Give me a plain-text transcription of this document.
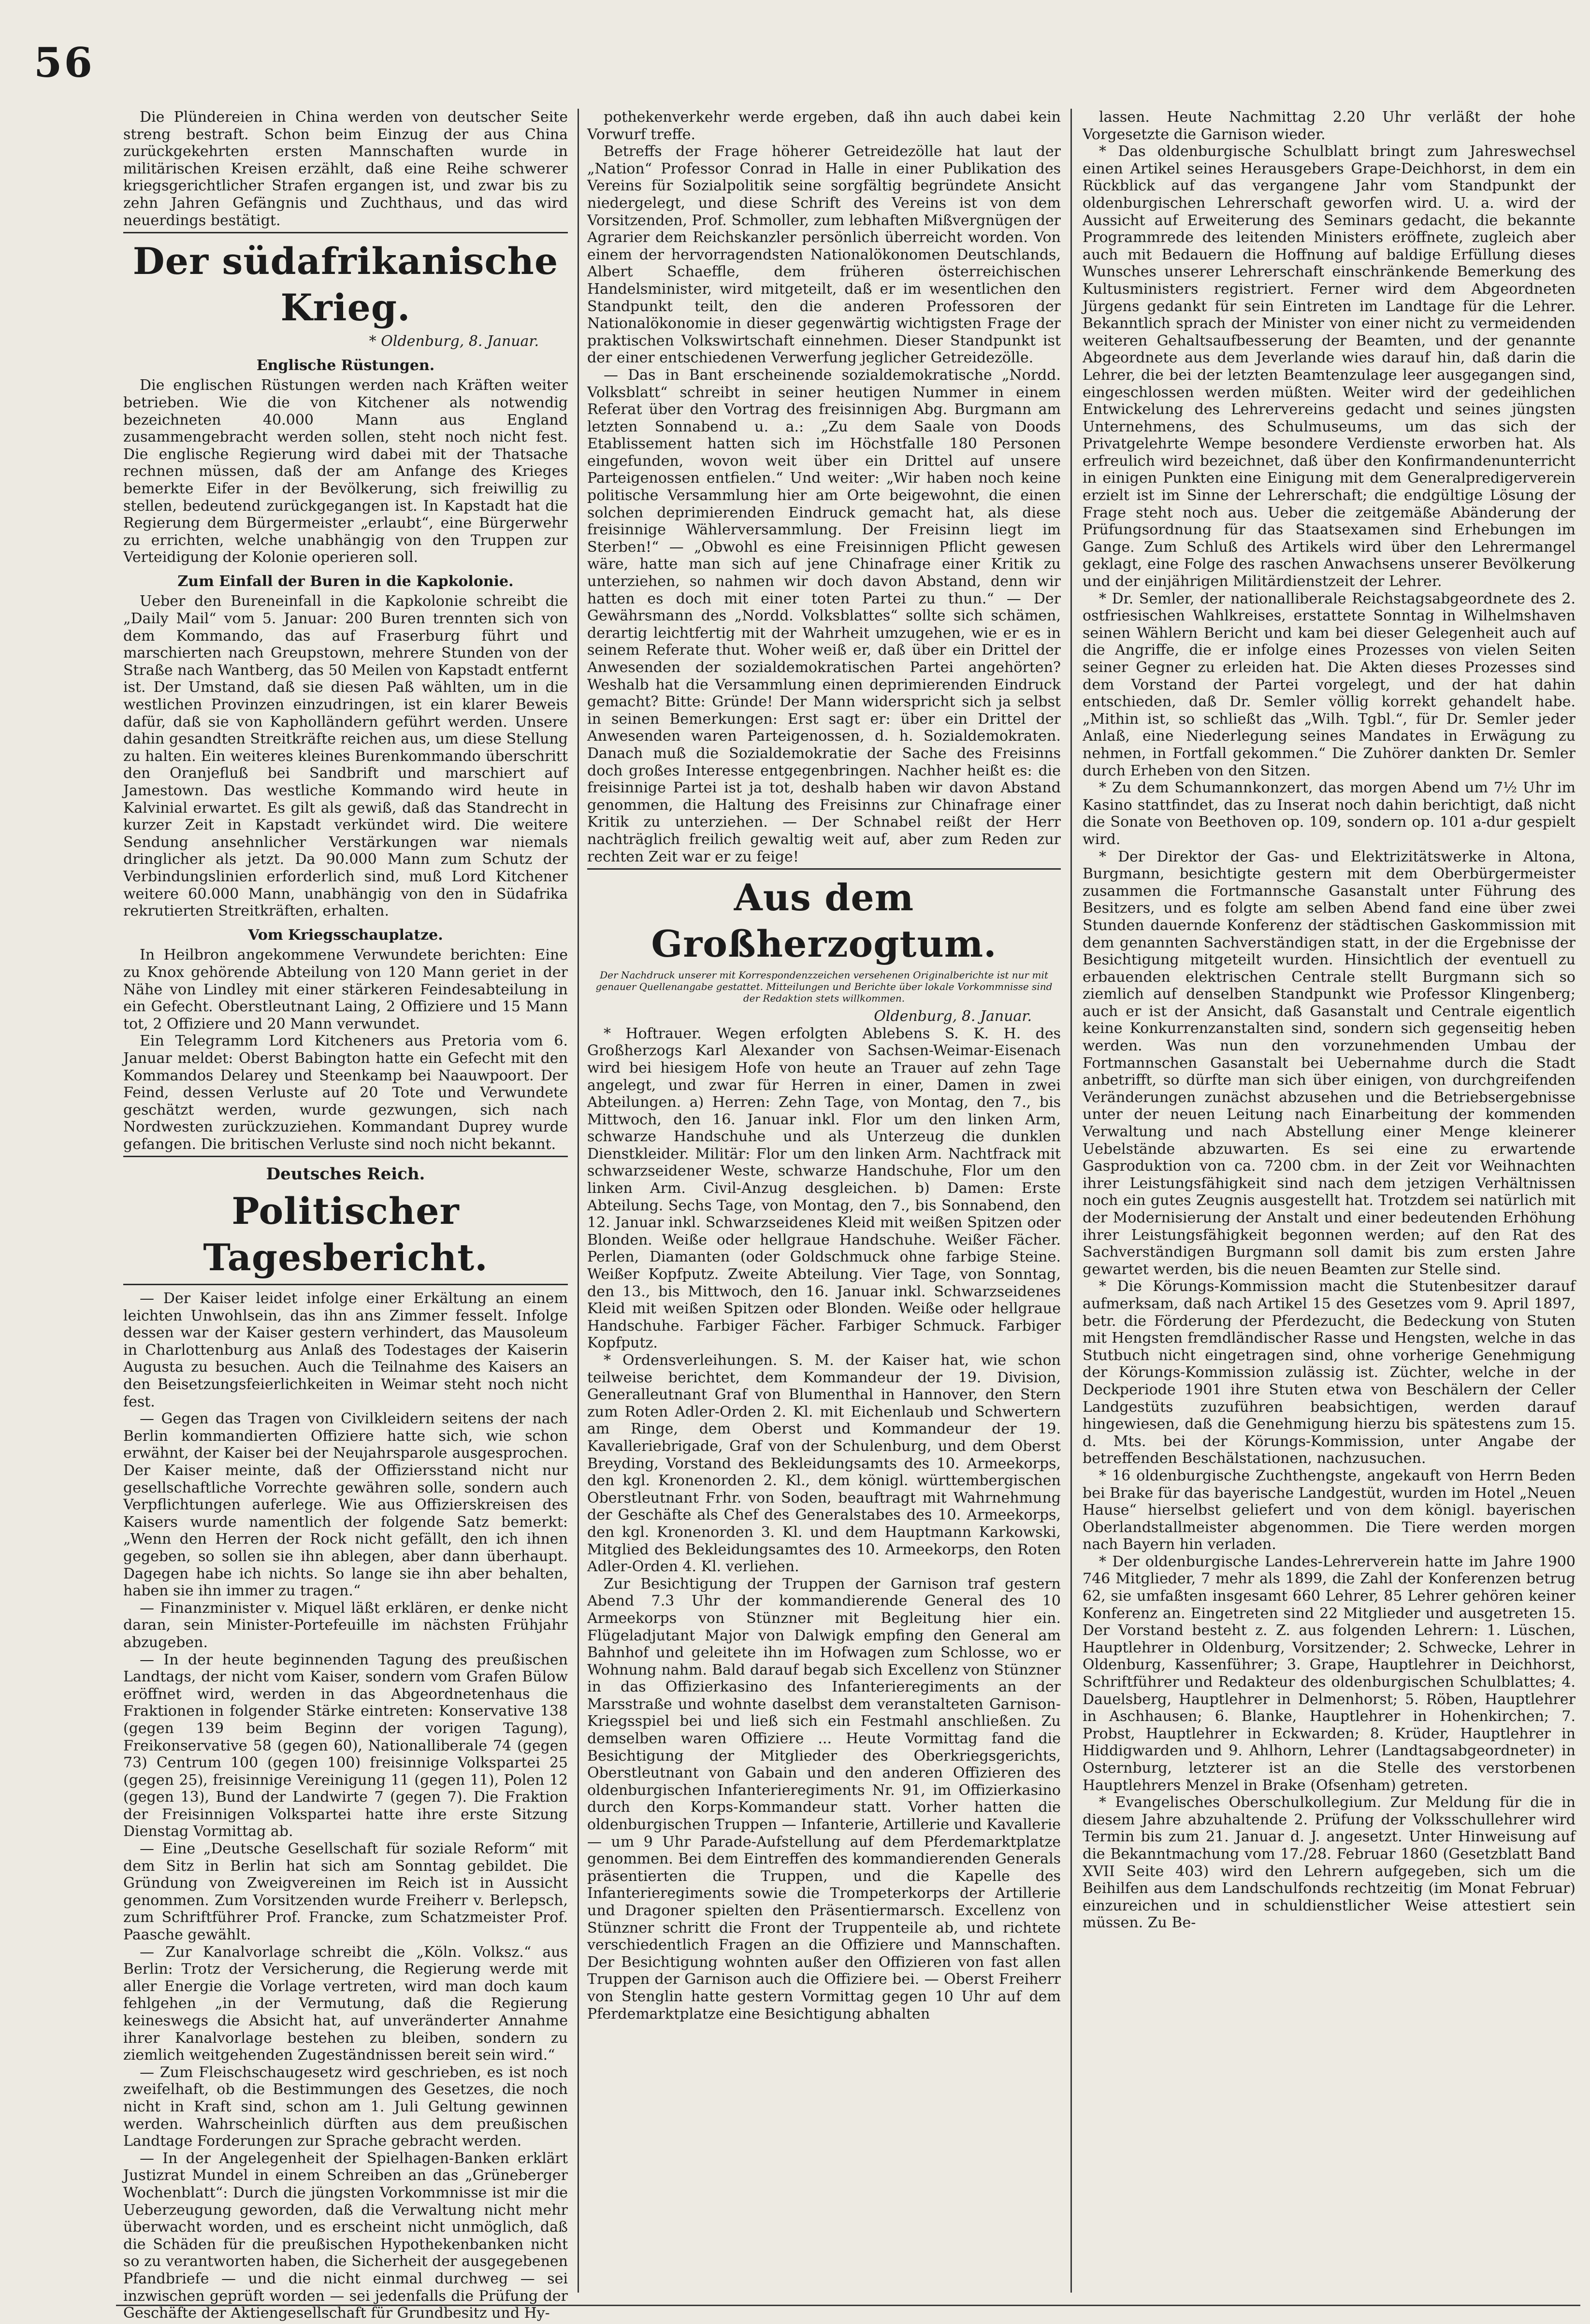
56

Die Plündereien in China werden von deutscher Seite streng bestraft. Schon beim Einzug der aus China zurückgekehrten ersten Mannschaften wurde in militärischen Kreisen erzählt, daß eine Reihe schwerer kriegsgerichtlicher Strafen ergangen ist, und zwar bis zu zehn Jahren Gefängnis und Zuchthaus, und das wird neuerdings bestätigt.

Der südafrikanische Krieg.

* Oldenburg, 8. Januar.

Englische Rüstungen.

Die englischen Rüstungen werden nach Kräften weiter betrieben. Wie die von Kitchener als notwendig bezeichneten 40.000 Mann aus England zusammengebracht werden sollen, steht noch nicht fest. Die englische Regierung wird dabei mit der Thatsache rechnen müssen, daß der am Anfange des Krieges bemerkte Eifer in der Bevölkerung, sich freiwillig zu stellen, bedeutend zurückgegangen ist. In Kapstadt hat die Regierung dem Bürgermeister „erlaubt“, eine Bürgerwehr zu errichten, welche unabhängig von den Truppen zur Verteidigung der Kolonie operieren soll.

Zum Einfall der Buren in die Kapkolonie.

Ueber den Bureneinfall in die Kapkolonie schreibt die „Daily Mail“ vom 5. Januar: 200 Buren trennten sich von dem Kommando, das auf Fraserburg führt und marschierten nach Greupstown, mehrere Stunden von der Straße nach Wantberg, das 50 Meilen von Kapstadt entfernt ist. Der Umstand, daß sie diesen Paß wählten, um in die westlichen Provinzen einzudringen, ist ein klarer Beweis dafür, daß sie von Kapholländern geführt werden. Unsere dahin gesandten Streitkräfte reichen aus, um diese Stellung zu halten. Ein weiteres kleines Burenkommando überschritt den Oranjefluß bei Sandbrift und marschiert auf Jamestown. Das westliche Kommando wird heute in Kalvinial erwartet. Es gilt als gewiß, daß das Standrecht in kurzer Zeit in Kapstadt verkündet wird. Die weitere Sendung ansehnlicher Verstärkungen war niemals dringlicher als jetzt. Da 90.000 Mann zum Schutz der Verbindungslinien erforderlich sind, muß Lord Kitchener weitere 60.000 Mann, unabhängig von den in Südafrika rekrutierten Streitkräften, erhalten.

Vom Kriegsschauplatze.

In Heilbron angekommene Verwundete berichten: Eine zu Knox gehörende Abteilung von 120 Mann geriet in der Nähe von Lindley mit einer stärkeren Feindesabteilung in ein Gefecht. Oberstleutnant Laing, 2 Offiziere und 15 Mann tot, 2 Offiziere und 20 Mann verwundet.

Ein Telegramm Lord Kitcheners aus Pretoria vom 6. Januar meldet: Oberst Babington hatte ein Gefecht mit den Kommandos Delarey und Steenkamp bei Naauwpoort. Der Feind, dessen Verluste auf 20 Tote und Verwundete geschätzt werden, wurde gezwungen, sich nach Nordwesten zurückzuziehen. Kommandant Duprey wurde gefangen. Die britischen Verluste sind noch nicht bekannt.

Deutsches Reich.

Politischer Tagesbericht.

— Der Kaiser leidet infolge einer Erkältung an einem leichten Unwohlsein, das ihn ans Zimmer fesselt. Infolge dessen war der Kaiser gestern verhindert, das Mausoleum in Charlottenburg aus Anlaß des Todestages der Kaiserin Augusta zu besuchen. Auch die Teilnahme des Kaisers an den Beisetzungsfeierlichkeiten in Weimar steht noch nicht fest.

— Gegen das Tragen von Civilkleidern seitens der nach Berlin kommandierten Offiziere hatte sich, wie schon erwähnt, der Kaiser bei der Neujahrsparole ausgesprochen. Der Kaiser meinte, daß der Offiziersstand nicht nur gesellschaftliche Vorrechte gewähren solle, sondern auch Verpflichtungen auferlege. Wie aus Offizierskreisen des Kaisers wurde namentlich der folgende Satz bemerkt: „Wenn den Herren der Rock nicht gefällt, den ich ihnen gegeben, so sollen sie ihn ablegen, aber dann überhaupt. Dagegen habe ich nichts. So lange sie ihn aber behalten, haben sie ihn immer zu tragen.“

— Finanzminister v. Miquel läßt erklären, er denke nicht daran, sein Minister-Portefeuille im nächsten Frühjahr abzugeben.

— In der heute beginnenden Tagung des preußischen Landtags, der nicht vom Kaiser, sondern vom Grafen Bülow eröffnet wird, werden in das Abgeordnetenhaus die Fraktionen in folgender Stärke eintreten: Konservative 138 (gegen 139 beim Beginn der vorigen Tagung), Freikonservative 58 (gegen 60), Nationalliberale 74 (gegen 73) Centrum 100 (gegen 100) freisinnige Volkspartei 25 (gegen 25), freisinnige Vereinigung 11 (gegen 11), Polen 12 (gegen 13), Bund der Landwirte 7 (gegen 7). Die Fraktion der Freisinnigen Volkspartei hatte ihre erste Sitzung Dienstag Vormittag ab.

— Eine „Deutsche Gesellschaft für soziale Reform“ mit dem Sitz in Berlin hat sich am Sonntag gebildet. Die Gründung von Zweigvereinen im Reich ist in Aussicht genommen. Zum Vorsitzenden wurde Freiherr v. Berlepsch, zum Schriftführer Prof. Francke, zum Schatzmeister Prof. Paasche gewählt.

— Zur Kanalvorlage schreibt die „Köln. Volksz.“ aus Berlin: Trotz der Versicherung, die Regierung werde mit aller Energie die Vorlage vertreten, wird man doch kaum fehlgehen „in der Vermutung, daß die Regierung keineswegs die Absicht hat, auf unveränderter Annahme ihrer Kanalvorlage bestehen zu bleiben, sondern zu ziemlich weitgehenden Zugeständnissen bereit sein wird.“

— Zum Fleischschaugesetz wird geschrieben, es ist noch zweifelhaft, ob die Bestimmungen des Gesetzes, die noch nicht in Kraft sind, schon am 1. Juli Geltung gewinnen werden. Wahrscheinlich dürften aus dem preußischen Landtage Forderungen zur Sprache gebracht werden.

— In der Angelegenheit der Spielhagen-Banken erklärt Justizrat Mundel in einem Schreiben an das „Grüneberger Wochenblatt“: Durch die jüngsten Vorkommnisse ist mir die Ueberzeugung geworden, daß die Verwaltung nicht mehr überwacht worden, und es erscheint nicht unmöglich, daß die Schäden für die preußischen Hypothekenbanken nicht so zu verantworten haben, die Sicherheit der ausgegebenen Pfandbriefe — und die nicht einmal durchweg — sei inzwischen geprüft worden — sei jedenfalls die Prüfung der Geschäfte der Aktiengesellschaft für Grundbesitz und Hy-

pothekenverkehr werde ergeben, daß ihn auch dabei kein Vorwurf treffe.

Betreffs der Frage höherer Getreidezölle hat laut der „Nation“ Professor Conrad in Halle in einer Publikation des Vereins für Sozialpolitik seine sorgfältig begründete Ansicht niedergelegt, und diese Schrift des Vereins ist von dem Vorsitzenden, Prof. Schmoller, zum lebhaften Mißvergnügen der Agrarier dem Reichskanzler persönlich überreicht worden. Von einem der hervorragendsten Nationalökonomen Deutschlands, Albert Schaeffle, dem früheren österreichischen Handelsminister, wird mitgeteilt, daß er im wesentlichen den Standpunkt teilt, den die anderen Professoren der Nationalökonomie in dieser gegenwärtig wichtigsten Frage der praktischen Volkswirtschaft einnehmen. Dieser Standpunkt ist der einer entschiedenen Verwerfung jeglicher Getreidezölle.

— Das in Bant erscheinende sozialdemokratische „Nordd. Volksblatt“ schreibt in seiner heutigen Nummer in einem Referat über den Vortrag des freisinnigen Abg. Burgmann am letzten Sonnabend u. a.: „Zu dem Saale von Doods Etablissement hatten sich im Höchstfalle 180 Personen eingefunden, wovon weit über ein Drittel auf unsere Parteigenossen entfielen.“ Und weiter: „Wir haben noch keine politische Versammlung hier am Orte beigewohnt, die einen solchen deprimierenden Eindruck gemacht hat, als diese freisinnige Wählerversammlung. Der Freisinn liegt im Sterben!“ — „Obwohl es eine Freisinnigen Pflicht gewesen wäre, hatte man sich auf jene Chinafrage einer Kritik zu unterziehen, so nahmen wir doch davon Abstand, denn wir hatten es doch mit einer toten Partei zu thun.“ — Der Gewährsmann des „Nordd. Volksblattes“ sollte sich schämen, derartig leichtfertig mit der Wahrheit umzugehen, wie er es in seinem Referate thut. Woher weiß er, daß über ein Drittel der Anwesenden der sozialdemokratischen Partei angehörten? Weshalb hat die Versammlung einen deprimierenden Eindruck gemacht? Bitte: Gründe! Der Mann widerspricht sich ja selbst in seinen Bemerkungen: Erst sagt er: über ein Drittel der Anwesenden waren Parteigenossen, d. h. Sozialdemokraten. Danach muß die Sozialdemokratie der Sache des Freisinns doch großes Interesse entgegenbringen. Nachher heißt es: die freisinnige Partei ist ja tot, deshalb haben wir davon Abstand genommen, die Haltung des Freisinns zur Chinafrage einer Kritik zu unterziehen. — Der Schnabel reißt der Herr nachträglich freilich gewaltig weit auf, aber zum Reden zur rechten Zeit war er zu feige!

Aus dem Großherzogtum.

Der Nachdruck unserer mit Korrespondenzzeichen versehenen Originalberichte ist nur mit genauer Quellenangabe gestattet. Mitteilungen und Berichte über lokale Vorkommnisse sind der Redaktion stets willkommen.

Oldenburg, 8. Januar.

* Hoftrauer. Wegen erfolgten Ablebens S. K. H. des Großherzogs Karl Alexander von Sachsen-Weimar-Eisenach wird bei hiesigem Hofe von heute an Trauer auf zehn Tage angelegt, und zwar für Herren in einer, Damen in zwei Abteilungen. a) Herren: Zehn Tage, von Montag, den 7., bis Mittwoch, den 16. Januar inkl. Flor um den linken Arm, schwarze Handschuhe und als Unterzeug die dunklen Dienstkleider. Militär: Flor um den linken Arm. Nachtfrack mit schwarzseidener Weste, schwarze Handschuhe, Flor um den linken Arm. Civil-Anzug desgleichen. b) Damen: Erste Abteilung. Sechs Tage, von Montag, den 7., bis Sonnabend, den 12. Januar inkl. Schwarzseidenes Kleid mit weißen Spitzen oder Blonden. Weiße oder hellgraue Handschuhe. Weißer Fächer. Perlen, Diamanten (oder Goldschmuck ohne farbige Steine. Weißer Kopfputz. Zweite Abteilung. Vier Tage, von Sonntag, den 13., bis Mittwoch, den 16. Januar inkl. Schwarzseidenes Kleid mit weißen Spitzen oder Blonden. Weiße oder hellgraue Handschuhe. Farbiger Fächer. Farbiger Schmuck. Farbiger Kopfputz.

* Ordensverleihungen. S. M. der Kaiser hat, wie schon teilweise berichtet, dem Kommandeur der 19. Division, Generalleutnant Graf von Blumenthal in Hannover, den Stern zum Roten Adler-Orden 2. Kl. mit Eichenlaub und Schwertern am Ringe, dem Oberst und Kommandeur der 19. Kavalleriebrigade, Graf von der Schulenburg, und dem Oberst Breyding, Vorstand des Bekleidungsamts des 10. Armeekorps, den kgl. Kronenorden 2. Kl., dem königl. württembergischen Oberstleutnant Frhr. von Soden, beauftragt mit Wahrnehmung der Geschäfte als Chef des Generalstabes des 10. Armeekorps, den kgl. Kronenorden 3. Kl. und dem Hauptmann Karkowski, Mitglied des Bekleidungsamtes des 10. Armeekorps, den Roten Adler-Orden 4. Kl. verliehen.

Zur Besichtigung der Truppen der Garnison traf gestern Abend 7.3 Uhr der kommandierende General des 10 Armeekorps von Stünzner mit Begleitung hier ein. Flügeladjutant Major von Dalwigk empfing den General am Bahnhof und geleitete ihn im Hofwagen zum Schlosse, wo er Wohnung nahm. Bald darauf begab sich Excellenz von Stünzner in das Offizierkasino des Infanterieregiments an der Marsstraße und wohnte daselbst dem veranstalteten Garnison-Kriegsspiel bei und ließ sich ein Festmahl anschließen. Zu demselben waren Offiziere ... Heute Vormittag fand die Besichtigung der Mitglieder des Oberkriegsgerichts, Oberstleutnant von Gabain und den anderen Offizieren des oldenburgischen Infanterieregiments Nr. 91, im Offizierkasino durch den Korps-Kommandeur statt. Vorher hatten die oldenburgischen Truppen — Infanterie, Artillerie und Kavallerie — um 9 Uhr Parade-Aufstellung auf dem Pferdemarktplatze genommen. Bei dem Eintreffen des kommandierenden Generals präsentierten die Truppen, und die Kapelle des Infanterieregiments sowie die Trompeterkorps der Artillerie und Dragoner spielten den Präsentiermarsch. Excellenz von Stünzner schritt die Front der Truppenteile ab, und richtete verschiedentlich Fragen an die Offiziere und Mannschaften. Der Besichtigung wohnten außer den Offizieren von fast allen Truppen der Garnison auch die Offiziere bei. — Oberst Freiherr von Stenglin hatte gestern Vormittag gegen 10 Uhr auf dem Pferdemarktplatze eine Besichtigung abhalten

lassen. Heute Nachmittag 2.20 Uhr verläßt der hohe Vorgesetzte die Garnison wieder.

* Das oldenburgische Schulblatt bringt zum Jahreswechsel einen Artikel seines Herausgebers Grape-Deichhorst, in dem ein Rückblick auf das vergangene Jahr vom Standpunkt der oldenburgischen Lehrerschaft geworfen wird. U. a. wird der Aussicht auf Erweiterung des Seminars gedacht, die bekannte Programmrede des leitenden Ministers eröffnete, zugleich aber auch mit Bedauern die Hoffnung auf baldige Erfüllung dieses Wunsches unserer Lehrerschaft einschränkende Bemerkung des Kultusministers registriert. Ferner wird dem Abgeordneten Jürgens gedankt für sein Eintreten im Landtage für die Lehrer. Bekanntlich sprach der Minister von einer nicht zu vermeidenden weiteren Gehaltsaufbesserung der Beamten, und der genannte Abgeordnete aus dem Jeverlande wies darauf hin, daß darin die Lehrer, die bei der letzten Beamtenzulage leer ausgegangen sind, eingeschlossen werden müßten. Weiter wird der gedeihlichen Entwickelung des Lehrervereins gedacht und seines jüngsten Unternehmens, des Schulmuseums, um das sich der Privatgelehrte Wempe besondere Verdienste erworben hat. Als erfreulich wird bezeichnet, daß über den Konfirmandenunterricht in einigen Punkten eine Einigung mit dem Generalpredigerverein erzielt ist im Sinne der Lehrerschaft; die endgültige Lösung der Frage steht noch aus. Ueber die zeitgemäße Abänderung der Prüfungsordnung für das Staatsexamen sind Erhebungen im Gange. Zum Schluß des Artikels wird über den Lehrermangel geklagt, eine Folge des raschen Anwachsens unserer Bevölkerung und der einjährigen Militärdienstzeit der Lehrer.

* Dr. Semler, der nationalliberale Reichstagsabgeordnete des 2. ostfriesischen Wahlkreises, erstattete Sonntag in Wilhelmshaven seinen Wählern Bericht und kam bei dieser Gelegenheit auch auf die Angriffe, die er infolge eines Prozesses von vielen Seiten seiner Gegner zu erleiden hat. Die Akten dieses Prozesses sind dem Vorstand der Partei vorgelegt, und der hat dahin entschieden, daß Dr. Semler völlig korrekt gehandelt habe. „Mithin ist, so schließt das „Wilh. Tgbl.“, für Dr. Semler jeder Anlaß, eine Niederlegung seines Mandates in Erwägung zu nehmen, in Fortfall gekommen.“ Die Zuhörer dankten Dr. Semler durch Erheben von den Sitzen.

* Zu dem Schumannkonzert, das morgen Abend um 7½ Uhr im Kasino stattfindet, das zu Inserat noch dahin berichtigt, daß nicht die Sonate von Beethoven op. 109, sondern op. 101 a-dur gespielt wird.

* Der Direktor der Gas- und Elektrizitätswerke in Altona, Burgmann, besichtigte gestern mit dem Oberbürgermeister zusammen die Fortmannsche Gasanstalt unter Führung des Besitzers, und es folgte am selben Abend fand eine über zwei Stunden dauernde Konferenz der städtischen Gaskommission mit dem genannten Sachverständigen statt, in der die Ergebnisse der Besichtigung mitgeteilt wurden. Hinsichtlich der eventuell zu erbauenden elektrischen Centrale stellt Burgmann sich so ziemlich auf denselben Standpunkt wie Professor Klingenberg; auch er ist der Ansicht, daß Gasanstalt und Centrale eigentlich keine Konkurrenzanstalten sind, sondern sich gegenseitig heben werden. Was nun den vorzunehmenden Umbau der Fortmannschen Gasanstalt bei Uebernahme durch die Stadt anbetrifft, so dürfte man sich über einigen, von durchgreifenden Veränderungen zunächst abzusehen und die Betriebsergebnisse unter der neuen Leitung nach Einarbeitung der kommenden Verwaltung und nach Abstellung einer Menge kleinerer Uebelstände abzuwarten. Es sei eine zu erwartende Gasproduktion von ca. 7200 cbm. in der Zeit vor Weihnachten ihrer Leistungsfähigkeit sind nach dem jetzigen Verhältnissen noch ein gutes Zeugnis ausgestellt hat. Trotzdem sei natürlich mit der Modernisierung der Anstalt und einer bedeutenden Erhöhung ihrer Leistungsfähigkeit begonnen werden; auf den Rat des Sachverständigen Burgmann soll damit bis zum ersten Jahre gewartet werden, bis die neuen Beamten zur Stelle sind.

* Die Körungs-Kommission macht die Stutenbesitzer darauf aufmerksam, daß nach Artikel 15 des Gesetzes vom 9. April 1897, betr. die Förderung der Pferdezucht, die Bedeckung von Stuten mit Hengsten fremdländischer Rasse und Hengsten, welche in das Stutbuch nicht eingetragen sind, ohne vorherige Genehmigung der Körungs-Kommission zulässig ist. Züchter, welche in der Deckperiode 1901 ihre Stuten etwa von Beschälern der Celler Landgestüts zuzuführen beabsichtigen, werden darauf hingewiesen, daß die Genehmigung hierzu bis spätestens zum 15. d. Mts. bei der Körungs-Kommission, unter Angabe der betreffenden Beschälstationen, nachzusuchen.

* 16 oldenburgische Zuchthengste, angekauft von Herrn Beden bei Brake für das bayerische Landgestüt, wurden im Hotel „Neuen Hause“ hierselbst geliefert und von dem königl. bayerischen Oberlandstallmeister abgenommen. Die Tiere werden morgen nach Bayern hin verladen.

* Der oldenburgische Landes-Lehrerverein hatte im Jahre 1900 746 Mitglieder, 7 mehr als 1899, die Zahl der Konferenzen betrug 62, sie umfaßten insgesamt 660 Lehrer, 85 Lehrer gehören keiner Konferenz an. Eingetreten sind 22 Mitglieder und ausgetreten 15. Der Vorstand besteht z. Z. aus folgenden Lehrern: 1. Lüschen, Hauptlehrer in Oldenburg, Vorsitzender; 2. Schwecke, Lehrer in Oldenburg, Kassenführer; 3. Grape, Hauptlehrer in Deichhorst, Schriftführer und Redakteur des oldenburgischen Schulblattes; 4. Dauelsberg, Hauptlehrer in Delmenhorst; 5. Röben, Hauptlehrer in Aschhausen; 6. Blanke, Hauptlehrer in Hohenkirchen; 7. Probst, Hauptlehrer in Eckwarden; 8. Krüder, Hauptlehrer in Hiddigwarden und 9. Ahlhorn, Lehrer (Landtagsabgeordneter) in Osternburg, letzterer ist an die Stelle des verstorbenen Hauptlehrers Menzel in Brake (Ofsenham) getreten.

* Evangelisches Oberschulkollegium. Zur Meldung für die in diesem Jahre abzuhaltende 2. Prüfung der Volksschullehrer wird Termin bis zum 21. Januar d. J. angesetzt. Unter Hinweisung auf die Bekanntmachung vom 17./28. Februar 1860 (Gesetzblatt Band XVII Seite 403) wird den Lehrern aufgegeben, sich um die Beihilfen aus dem Landschulfonds rechtzeitig (im Monat Februar) einzureichen und in schuldienstlicher Weise attestiert sein müssen. Zu Be-
